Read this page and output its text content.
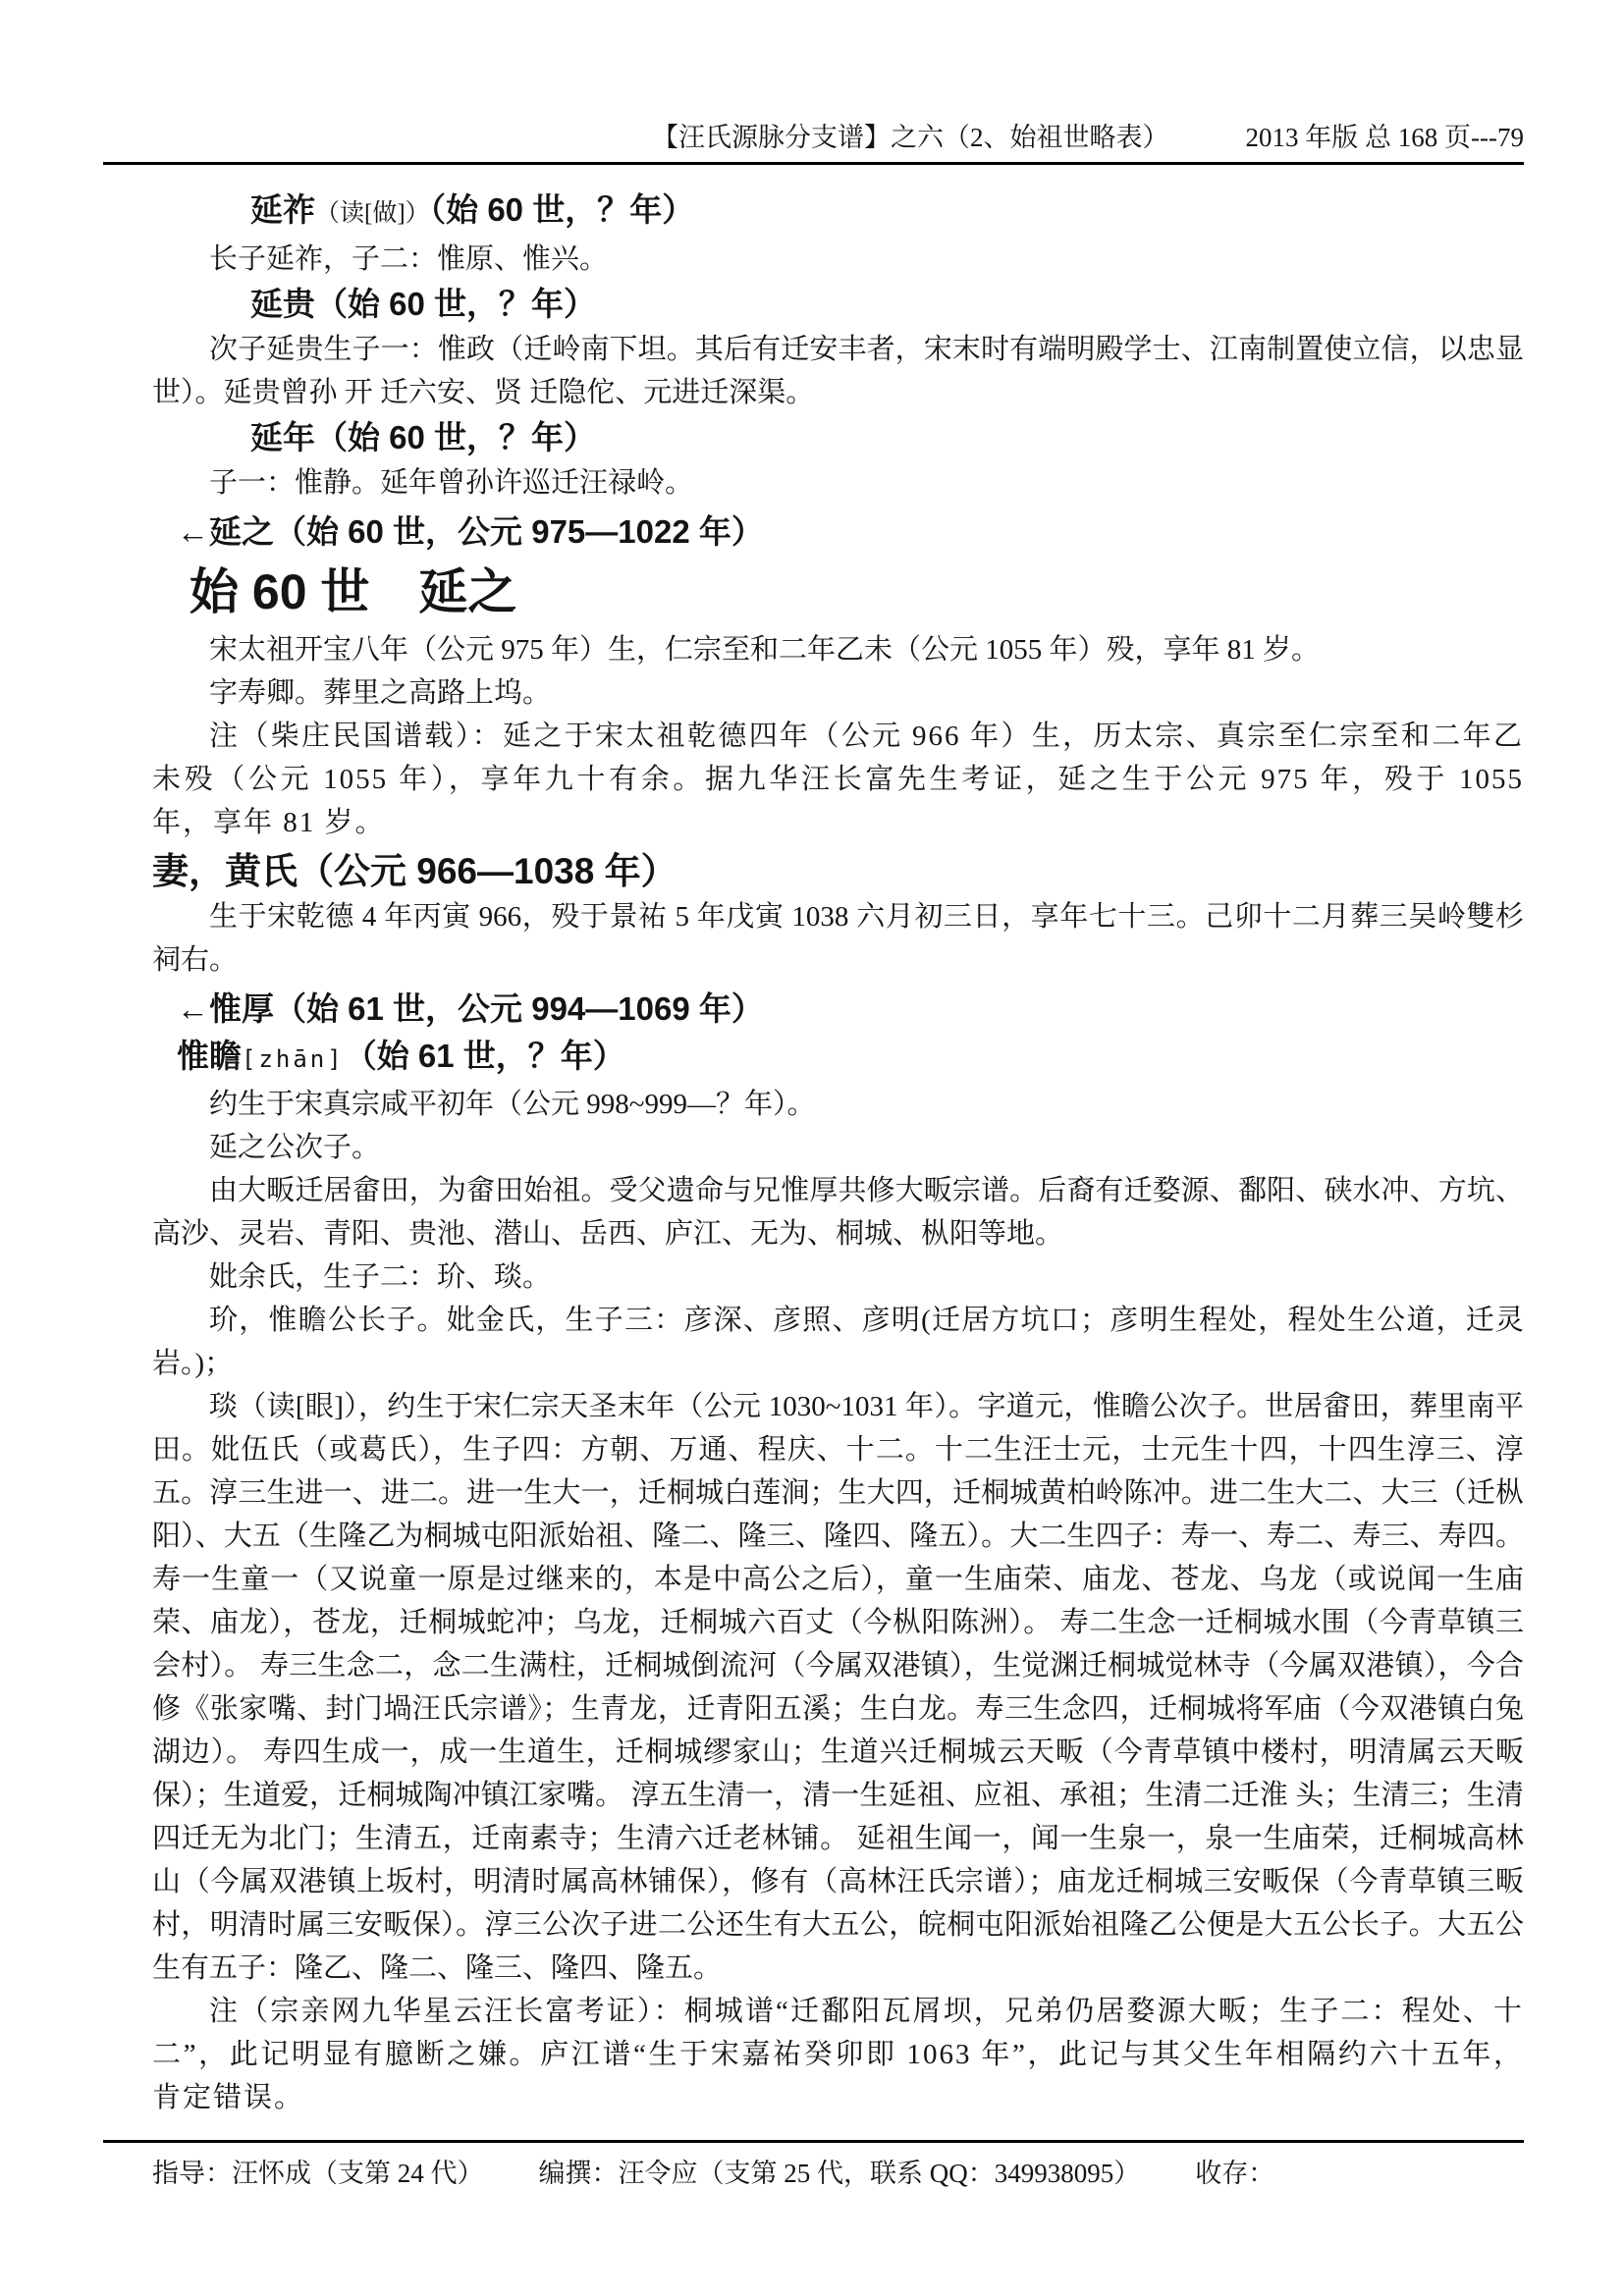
【汪氏源脉分支谱】之六（2、始祖世略表）	2013 年版 总 168 页---79
延祚（读[做]）（始 60 世，？年）

长子延祚，子二：惟原、惟兴。

延贵（始 60 世，？年）

次子延贵生子一：惟政（迁岭南下坦。其后有迁安丰者，宋末时有端明殿学士、江南制置使立信，以忠显世）。延贵曾孙 开 迁六安、贤 迁隐佗、元进迁深渠。

延年（始 60 世，？年）

子一：惟静。延年曾孙许巡迁汪禄岭。

←延之（始 60 世，公元 975—1022 年）
始 60 世　延之

宋太祖开宝八年（公元 975 年）生，仁宗至和二年乙未（公元 1055 年）殁，享年 81 岁。

字寿卿。葬里之高路上坞。

注（柴庄民国谱载）：延之于宋太祖乾德四年（公元 966 年）生，历太宗、真宗至仁宗至和二年乙未殁（公元 1055 年），享年九十有余。据九华汪长富先生考证，延之生于公元 975 年，殁于 1055 年，享年 81 岁。

妻，黄氏（公元 966—1038 年）

生于宋乾德 4 年丙寅 966，殁于景祐 5 年戊寅 1038 六月初三日，享年七十三。己卯十二月葬三吴岭雙杉祠右。

←惟厚（始 61 世，公元 994—1069 年）
惟瞻[zhān]（始 61 世，？年）

约生于宋真宗咸平初年（公元 998~999—？年）。

延之公次子。

由大畈迁居畲田，为畲田始祖。受父遗命与兄惟厚共修大畈宗谱。后裔有迁婺源、鄱阳、硖水冲、方坑、高沙、灵岩、青阳、贵池、潜山、岳西、庐江、无为、桐城、枞阳等地。

妣余氏，生子二：玠、琰。

玠，惟瞻公长子。妣金氏，生子三：彦深、彦照、彦明(迁居方坑口；彦明生程处，程处生公道，迁灵岩。)；

琰（读[眼]），约生于宋仁宗天圣末年（公元 1030~1031 年）。字道元，惟瞻公次子。世居畲田，葬里南平田。妣伍氏（或葛氏），生子四：方朝、万通、程庆、十二。十二生汪士元，士元生十四，十四生淳三、淳五。淳三生进一、进二。进一生大一，迁桐城白莲涧；生大四，迁桐城黄柏岭陈冲。进二生大二、大三（迁枞阳）、大五（生隆乙为桐城屯阳派始祖、隆二、隆三、隆四、隆五）。大二生四子：寿一、寿二、寿三、寿四。寿一生童一（又说童一原是过继来的，本是中高公之后），童一生庙荣、庙龙、苍龙、乌龙（或说闻一生庙荣、庙龙），苍龙，迁桐城蛇冲；乌龙，迁桐城六百丈（今枞阳陈洲）。 寿二生念一迁桐城水围（今青草镇三会村）。 寿三生念二，念二生满柱，迁桐城倒流河（今属双港镇），生觉渊迁桐城觉林寺（今属双港镇），今合修《张家嘴、封门堝汪氏宗谱》；生青龙，迁青阳五溪；生白龙。寿三生念四，迁桐城将军庙（今双港镇白兔湖边）。 寿四生成一，成一生道生，迁桐城缪家山；生道兴迁桐城云天畈（今青草镇中楼村，明清属云天畈保）；生道爱，迁桐城陶冲镇江家嘴。 淳五生清一，清一生延祖、应祖、承祖；生清二迁淮 头；生清三；生清四迁无为北门；生清五，迁南素寺；生清六迁老林铺。 延祖生闻一，闻一生泉一，泉一生庙荣，迁桐城高林山（今属双港镇上坂村，明清时属高林铺保），修有（高林汪氏宗谱）；庙龙迁桐城三安畈保（今青草镇三畈村，明清时属三安畈保）。淳三公次子进二公还生有大五公，皖桐屯阳派始祖隆乙公便是大五公长子。大五公生有五子：隆乙、隆二、隆三、隆四、隆五。

注（宗亲网九华星云汪长富考证）：桐城谱“迁鄱阳瓦屑坝，兄弟仍居婺源大畈；生子二：程处、十二”，此记明显有臆断之嫌。庐江谱“生于宋嘉祐癸卯即 1063 年”，此记与其父生年相隔约六十五年，肯定错误。

指导：汪怀成（支第 24 代） 编撰：汪令应（支第 25 代，联系 QQ：349938095） 收存：
